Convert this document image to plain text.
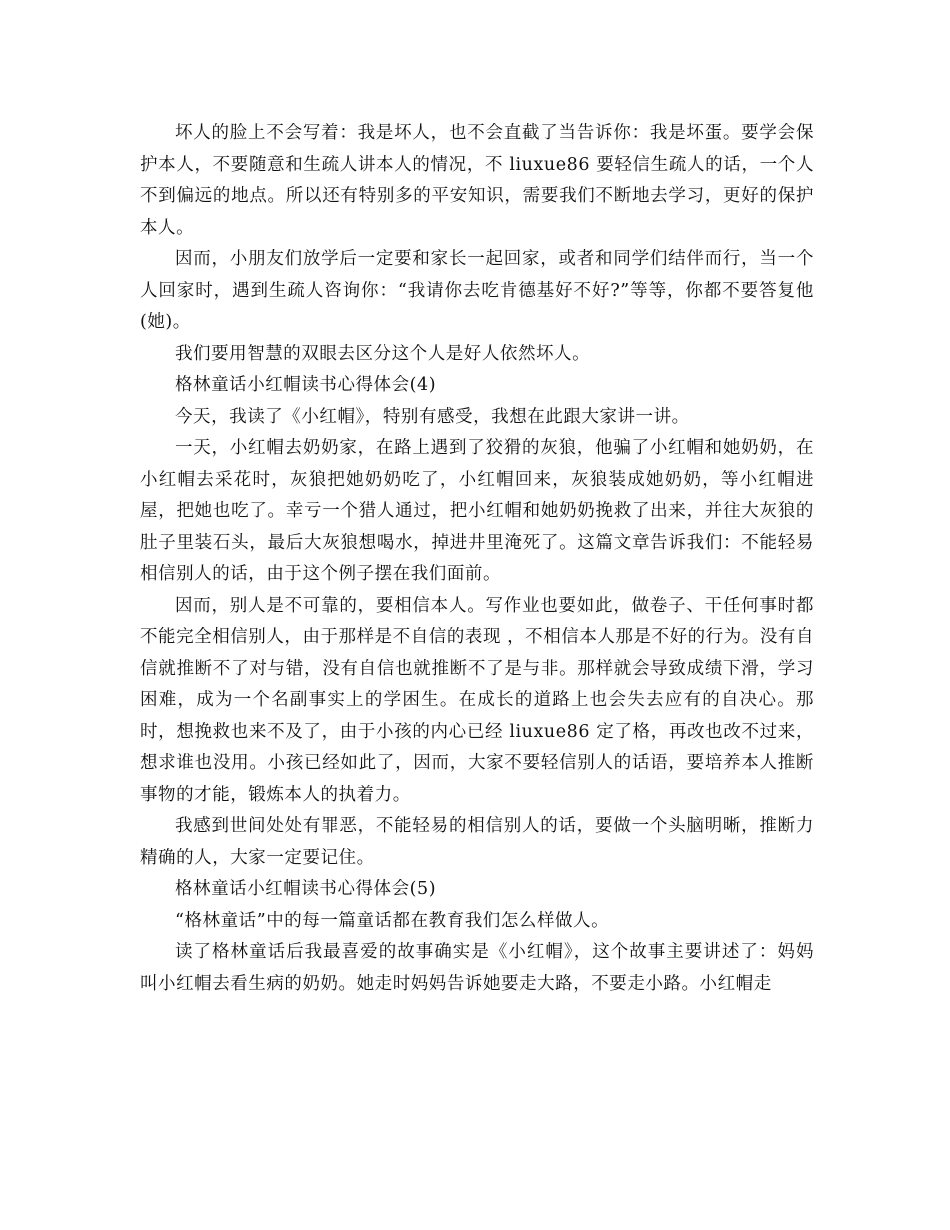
坏人的脸上不会写着：我是坏人，也不会直截了当告诉你：我是坏蛋。要学会保护本人，不要随意和生疏人讲本人的情况，不 liuxue86 要轻信生疏人的话，一个人不到偏远的地点。所以还有特别多的平安知识，需要我们不断地去学习，更好的保护本人。

因而，小朋友们放学后一定要和家长一起回家，或者和同学们结伴而行，当一个人回家时，遇到生疏人咨询你：“我请你去吃肯德基好不好?”等等，你都不要答复他(她)。

我们要用智慧的双眼去区分这个人是好人依然坏人。

格林童话小红帽读书心得体会(4)

今天，我读了《小红帽》，特别有感受，我想在此跟大家讲一讲。

一天，小红帽去奶奶家，在路上遇到了狡猾的灰狼，他骗了小红帽和她奶奶，在小红帽去采花时，灰狼把她奶奶吃了，小红帽回来，灰狼装成她奶奶，等小红帽进屋，把她也吃了。幸亏一个猎人通过，把小红帽和她奶奶挽救了出来，并往大灰狼的肚子里装石头，最后大灰狼想喝水，掉进井里淹死了。这篇文章告诉我们：不能轻易相信别人的话，由于这个例子摆在我们面前。

因而，别人是不可靠的，要相信本人。写作业也要如此，做卷子、干任何事时都不能完全相信别人，由于那样是不自信的表现 ，不相信本人那是不好的行为。没有自信就推断不了对与错，没有自信也就推断不了是与非。那样就会导致成绩下滑，学习困难，成为一个名副事实上的学困生。在成长的道路上也会失去应有的自决心。那时，想挽救也来不及了，由于小孩的内心已经 liuxue86 定了格，再改也改不过来，想求谁也没用。小孩已经如此了，因而，大家不要轻信别人的话语，要培养本人推断事物的才能，锻炼本人的执着力。

我感到世间处处有罪恶，不能轻易的相信别人的话，要做一个头脑明晰，推断力精确的人，大家一定要记住。

格林童话小红帽读书心得体会(5)

“格林童话”中的每一篇童话都在教育我们怎么样做人。

读了格林童话后我最喜爱的故事确实是《小红帽》，这个故事主要讲述了：妈妈叫小红帽去看生病的奶奶。她走时妈妈告诉她要走大路，不要走小路。小红帽走
